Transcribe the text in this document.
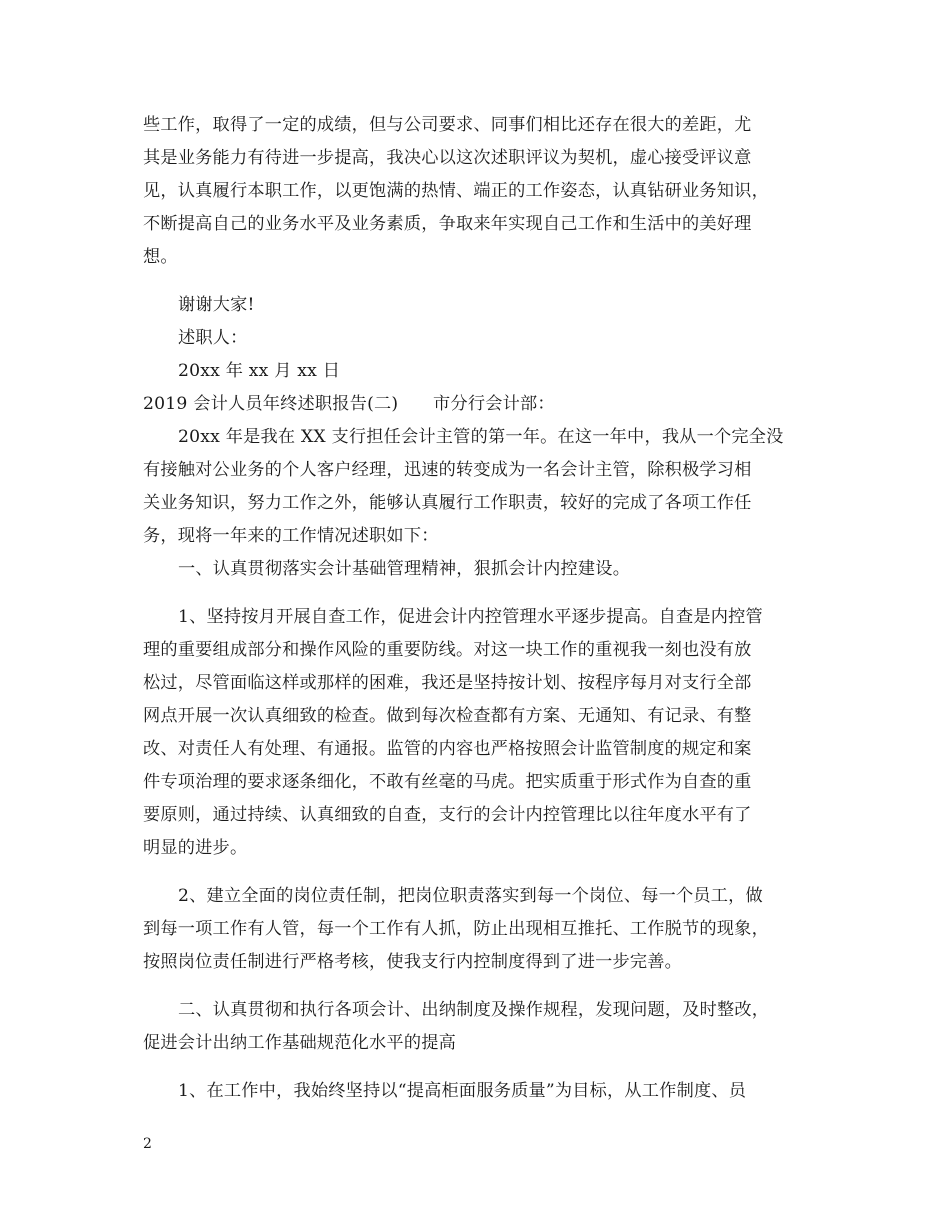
些工作，取得了一定的成绩，但与公司要求、同事们相比还存在很大的差距，尤
其是业务能力有待进一步提高，我决心以这次述职评议为契机，虚心接受评议意
见，认真履行本职工作，以更饱满的热情、端正的工作姿态，认真钻研业务知识，
不断提高自己的业务水平及业务素质，争取来年实现自己工作和生活中的美好理
想。
谢谢大家!
述职人：
20xx 年 xx 月 xx 日
2019 会计人员年终述职报告(二)　　市分行会计部：
20xx 年是我在 XX 支行担任会计主管的第一年。在这一年中，我从一个完全没
有接触对公业务的个人客户经理，迅速的转变成为一名会计主管，除积极学习相
关业务知识，努力工作之外，能够认真履行工作职责，较好的完成了各项工作任
务，现将一年来的工作情况述职如下：
一、认真贯彻落实会计基础管理精神，狠抓会计内控建设。
1、坚持按月开展自查工作，促进会计内控管理水平逐步提高。自查是内控管
理的重要组成部分和操作风险的重要防线。对这一块工作的重视我一刻也没有放
松过，尽管面临这样或那样的困难，我还是坚持按计划、按程序每月对支行全部
网点开展一次认真细致的检查。做到每次检查都有方案、无通知、有记录、有整
改、对责任人有处理、有通报。监管的内容也严格按照会计监管制度的规定和案
件专项治理的要求逐条细化，不敢有丝毫的马虎。把实质重于形式作为自查的重
要原则，通过持续、认真细致的自查，支行的会计内控管理比以往年度水平有了
明显的进步。
2、建立全面的岗位责任制，把岗位职责落实到每一个岗位、每一个员工，做
到每一项工作有人管，每一个工作有人抓，防止出现相互推托、工作脱节的现象，
按照岗位责任制进行严格考核，使我支行内控制度得到了进一步完善。
二、认真贯彻和执行各项会计、出纳制度及操作规程，发现问题，及时整改，
促进会计出纳工作基础规范化水平的提高
1、在工作中，我始终坚持以“提高柜面服务质量”为目标，从工作制度、员
2
